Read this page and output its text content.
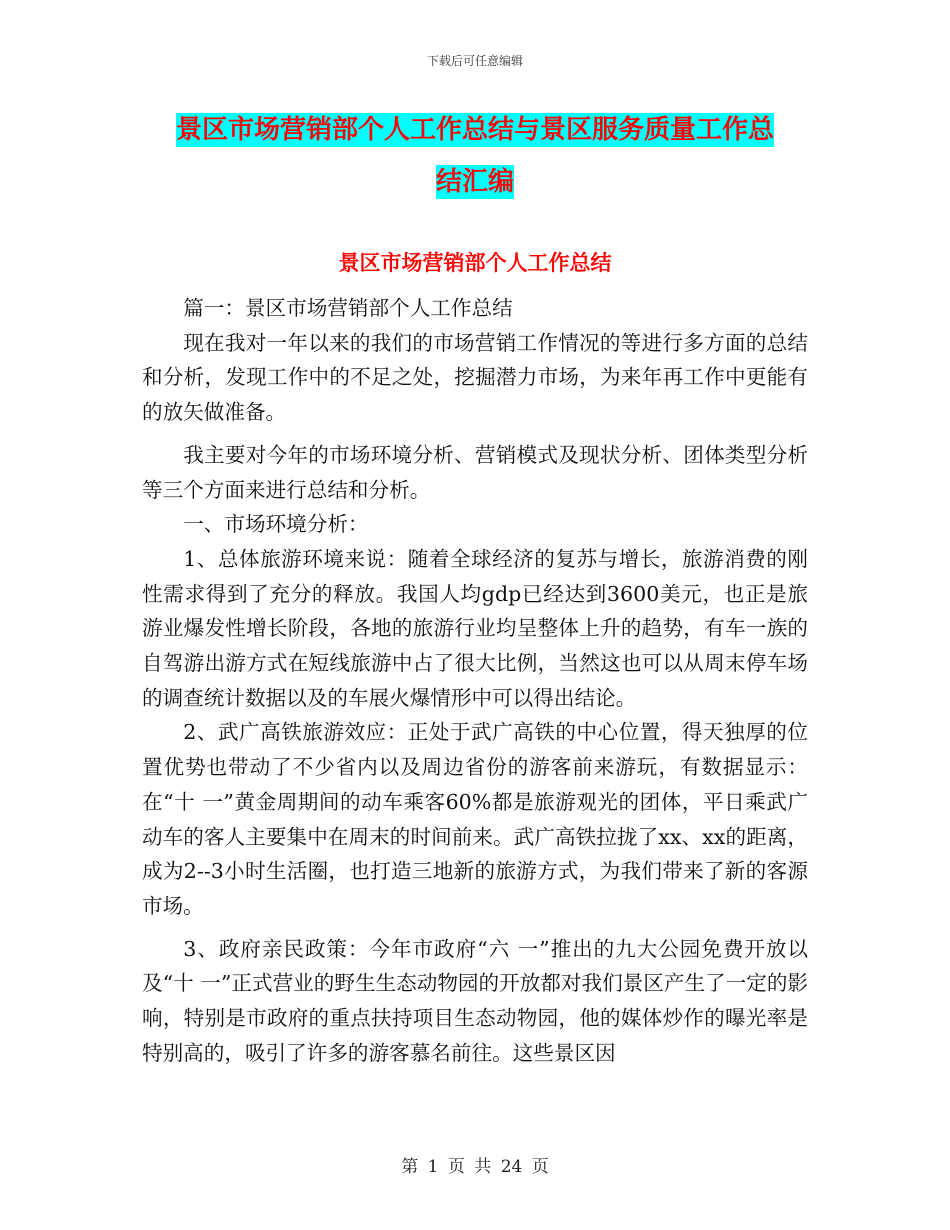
下载后可任意编辑
景区市场营销部个人工作总结与景区服务质量工作总
结汇编
景区市场营销部个人工作总结

篇一：景区市场营销部个人工作总结

现在我对一年以来的我们的市场营销工作情况的等进行多方面的总结和分析，发现工作中的不足之处，挖掘潜力市场，为来年再工作中更能有的放矢做准备。

我主要对今年的市场环境分析、营销模式及现状分析、团体类型分析等三个方面来进行总结和分析。

一、市场环境分析：

1、总体旅游环境来说：随着全球经济的复苏与增长，旅游消费的刚性需求得到了充分的释放。我国人均gdp已经达到3600美元，也正是旅游业爆发性增长阶段，各地的旅游行业均呈整体上升的趋势，有车一族的自驾游出游方式在短线旅游中占了很大比例，当然这也可以从周末停车场的调查统计数据以及的车展火爆情形中可以得出结论。

2、武广高铁旅游效应：正处于武广高铁的中心位置，得天独厚的位置优势也带动了不少省内以及周边省份的游客前来游玩，有数据显示：在“十 一”黄金周期间的动车乘客60%都是旅游观光的团体，平日乘武广动车的客人主要集中在周末的时间前来。武广高铁拉拢了xx、xx的距离，成为2--3小时生活圈，也打造三地新的旅游方式，为我们带来了新的客源市场。

3、政府亲民政策：今年市政府“六 一”推出的九大公园免费开放以及“十 一”正式营业的野生生态动物园的开放都对我们景区产生了一定的影响，特别是市政府的重点扶持项目生态动物园，他的媒体炒作的曝光率是特别高的，吸引了许多的游客慕名前往。这些景区因

第 1 页 共 24 页
